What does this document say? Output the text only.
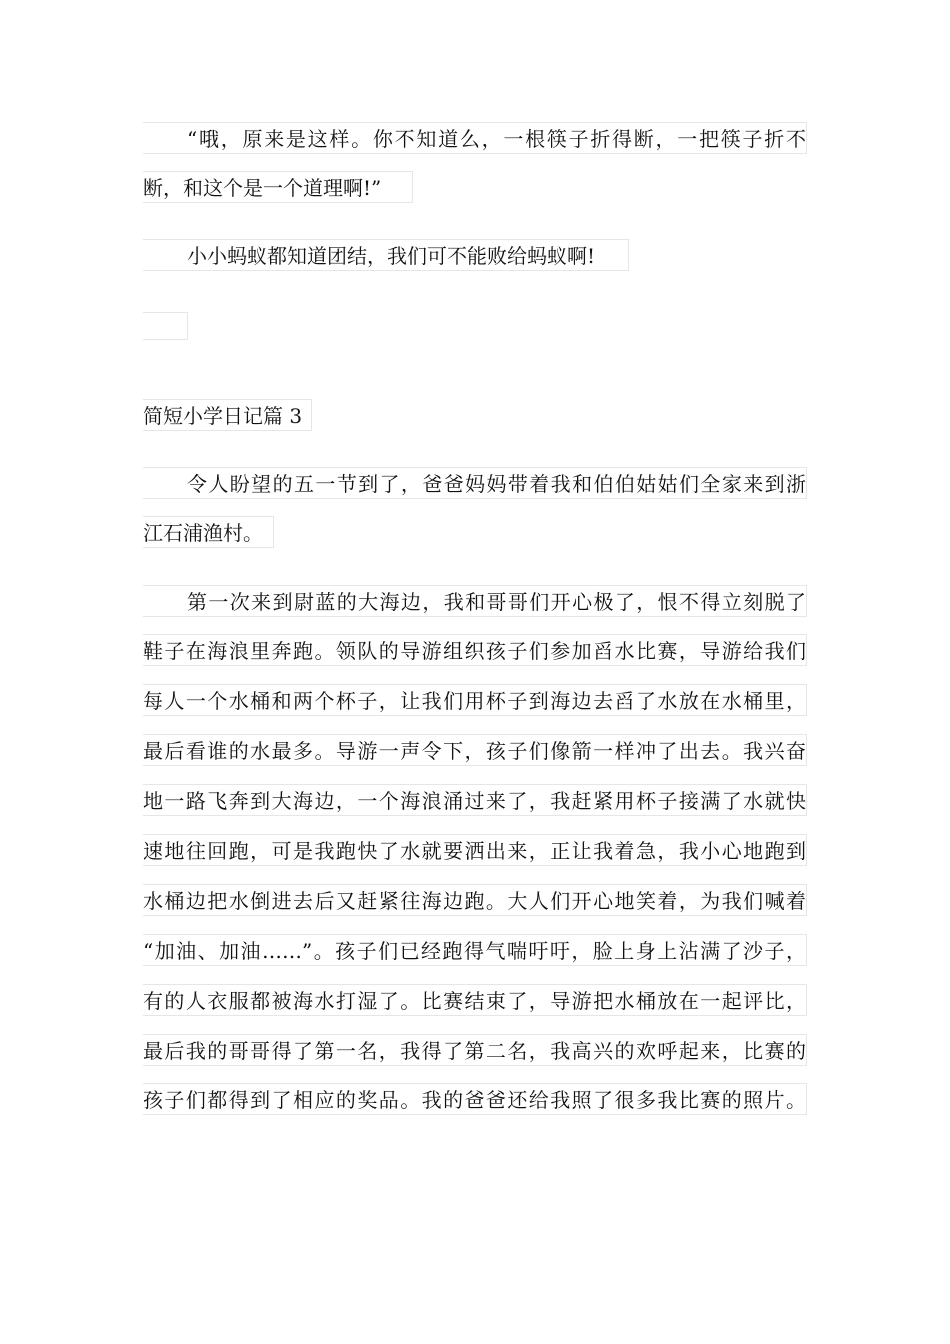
“哦，原来是这样。你不知道么，一根筷子折得断，一把筷子折不
断，和这个是一个道理啊!”
小小蚂蚁都知道团结，我们可不能败给蚂蚁啊!
简短小学日记篇 3
令人盼望的五一节到了，爸爸妈妈带着我和伯伯姑姑们全家来到浙
江石浦渔村。
第一次来到尉蓝的大海边，我和哥哥们开心极了，恨不得立刻脱了
鞋子在海浪里奔跑。领队的导游组织孩子们参加舀水比赛，导游给我们
每人一个水桶和两个杯子，让我们用杯子到海边去舀了水放在水桶里，
最后看谁的水最多。导游一声令下，孩子们像箭一样冲了出去。我兴奋
地一路飞奔到大海边，一个海浪涌过来了，我赶紧用杯子接满了水就快
速地往回跑，可是我跑快了水就要洒出来，正让我着急，我小心地跑到
水桶边把水倒进去后又赶紧往海边跑。大人们开心地笑着，为我们喊着
“加油、加油……”。孩子们已经跑得气喘吁吁，脸上身上沾满了沙子，
有的人衣服都被海水打湿了。比赛结束了，导游把水桶放在一起评比，
最后我的哥哥得了第一名，我得了第二名，我高兴的欢呼起来，比赛的
孩子们都得到了相应的奖品。我的爸爸还给我照了很多我比赛的照片。
